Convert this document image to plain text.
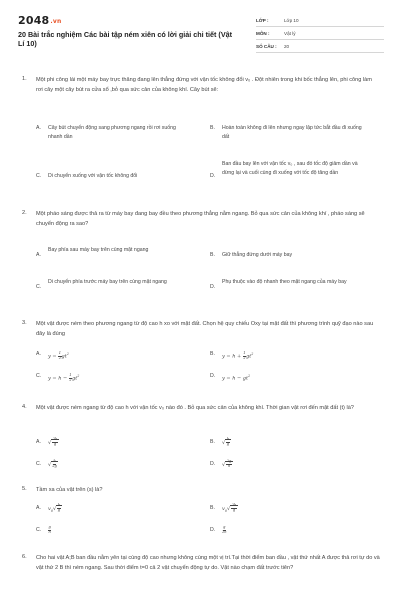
2048.vn
20 Bài trắc nghiệm Các bài tập ném xiên có lời giải chi tiết (Vật Lí 10)
LỚP :	Lớp 10
MÔN :	Vật lý
SỐ CÂU :	20
1. Một phi công lái một máy bay trực thăng đang lên thẳng đứng với vận tốc không đổi v₀ . Đột nhiên trong khi bốc thẳng lên, phi công làm rơi cây một cây bút ra cửa sổ ,bỏ qua sức cản của không khí. Cây bút sẽ:
A.	Cây bút chuyển động sang phương ngang rồi rơi xuống nhanh dần
B.	Hoàn toàn không đi lên nhưng ngay lập tức bắt đầu đi xuống dất
C.	Di chuyển xuống với vận tốc không đổi	D.
Ban đầu bay lên với vận tốc v₀ , sau đó tốc độ giảm dần và dừng lại và cuối cùng đi xuống với tốc độ tăng dần
2. Một pháo sáng được thả ra từ máy bay đang bay đều theo phương thẳng nằm ngang. Bỏ qua sức cản của không khí , pháo sáng sẽ chuyển động ra sao?
A.
Bay phía sau máy bay trên cùng mặt ngang
B.	Giữ thẳng đứng dưới máy bay
C.
Di chuyển phía trước máy bay trên cùng mặt ngang
D.
Phụ thuộc vào độ nhanh theo mặt ngang của máy bay
3. Một vật được ném theo phương ngang từ độ cao h xo với mặt đất. Chọn hệ quy chiếu Oxy tại mặt đất thì phương trình quỹ đạo nào sau đây là đúng
A.	$y = \frac{1}{2} gt^2$	B.	$y = h + \frac{1}{2} gt^2$
C.	$y = h - \frac{1}{2} gt^2$	D.	$y = h - gt^2$
4. Một vật được ném ngang từ độ cao h với vận tốc v₀ nào đó . Bỏ qua sức cản của không khí. Thời gian vật rơi đến mặt đất (t) là?
A.	√ $\frac{2h}{g}$	B.	√ $\frac{h}{g}$
C.	√ $\frac{h}{2g}$	D.	√ $\frac{2g}{h}$
5. Tầm xa của vật trên (s) là?
A.	$v_0√ \frac{h}{g}$	B.	$v_0√ \frac{2h}{g}$
C.	$\frac{g}{h}$	D.	$\frac{g}{2h}$
6. Cho hai vật A;B ban đầu nằm yên tại cùng độ cao nhưng không cùng một vị trí.Tại thời điểm ban đầu , vật thứ nhất A được thả rơi tự do và vật thứ 2 B thì ném ngang. Sau thời điểm t=0 cả 2 vật chuyển động tự do. Vật nào chạm đất trước tiên?
